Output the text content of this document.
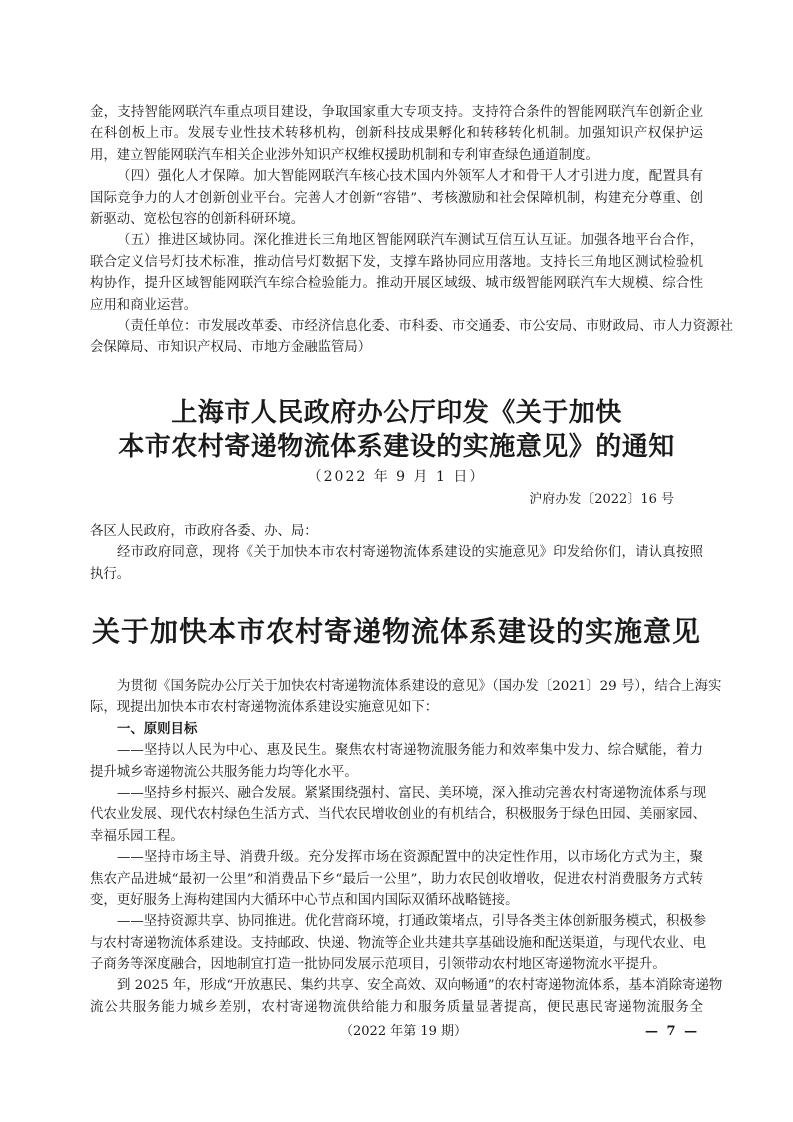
金，支持智能网联汽车重点项目建设，争取国家重大专项支持。支持符合条件的智能网联汽车创新企业
在科创板上市。发展专业性技术转移机构，创新科技成果孵化和转移转化机制。加强知识产权保护运
用，建立智能网联汽车相关企业涉外知识产权维权援助机制和专利审查绿色通道制度。
（四）强化人才保障。加大智能网联汽车核心技术国内外领军人才和骨干人才引进力度，配置具有
国际竞争力的人才创新创业平台。完善人才创新“容错”、考核激励和社会保障机制，构建充分尊重、创
新驱动、宽松包容的创新科研环境。
（五）推进区域协同。深化推进长三角地区智能网联汽车测试互信互认互证。加强各地平台合作，
联合定义信号灯技术标准，推动信号灯数据下发，支撑车路协同应用落地。支持长三角地区测试检验机
构协作，提升区域智能网联汽车综合检验能力。推动开展区域级、城市级智能网联汽车大规模、综合性
应用和商业运营。
（责任单位：市发展改革委、市经济信息化委、市科委、市交通委、市公安局、市财政局、市人力资源社
会保障局、市知识产权局、市地方金融监管局）
上海市人民政府办公厅印发《关于加快
本市农村寄递物流体系建设的实施意见》的通知
（2022 年 9 月 1 日）
沪府办发〔2022〕16 号
各区人民政府，市政府各委、办、局：
经市政府同意，现将《关于加快本市农村寄递物流体系建设的实施意见》印发给你们，请认真按照
执行。
关于加快本市农村寄递物流体系建设的实施意见
为贯彻《国务院办公厅关于加快农村寄递物流体系建设的意见》（国办发〔2021〕29 号），结合上海实
际，现提出加快本市农村寄递物流体系建设实施意见如下：
一、原则目标
——坚持以人民为中心、惠及民生。聚焦农村寄递物流服务能力和效率集中发力、综合赋能，着力
提升城乡寄递物流公共服务能力均等化水平。
——坚持乡村振兴、融合发展。紧紧围绕强村、富民、美环境，深入推动完善农村寄递物流体系与现
代农业发展、现代农村绿色生活方式、当代农民增收创业的有机结合，积极服务于绿色田园、美丽家园、
幸福乐园工程。
——坚持市场主导、消费升级。充分发挥市场在资源配置中的决定性作用，以市场化方式为主，聚
焦农产品进城“最初一公里”和消费品下乡“最后一公里”，助力农民创收增收，促进农村消费服务方式转
变，更好服务上海构建国内大循环中心节点和国内国际双循环战略链接。
——坚持资源共享、协同推进。优化营商环境，打通政策堵点，引导各类主体创新服务模式，积极参
与农村寄递物流体系建设。支持邮政、快递、物流等企业共建共享基础设施和配送渠道，与现代农业、电
子商务等深度融合，因地制宜打造一批协同发展示范项目，引领带动农村地区寄递物流水平提升。
到 2025 年，形成“开放惠民、集约共享、安全高效、双向畅通”的农村寄递物流体系，基本消除寄递物
流公共服务能力城乡差别，农村寄递物流供给能力和服务质量显著提高，便民惠民寄递物流服务全
（2022 年第 19 期）	— 7 —
